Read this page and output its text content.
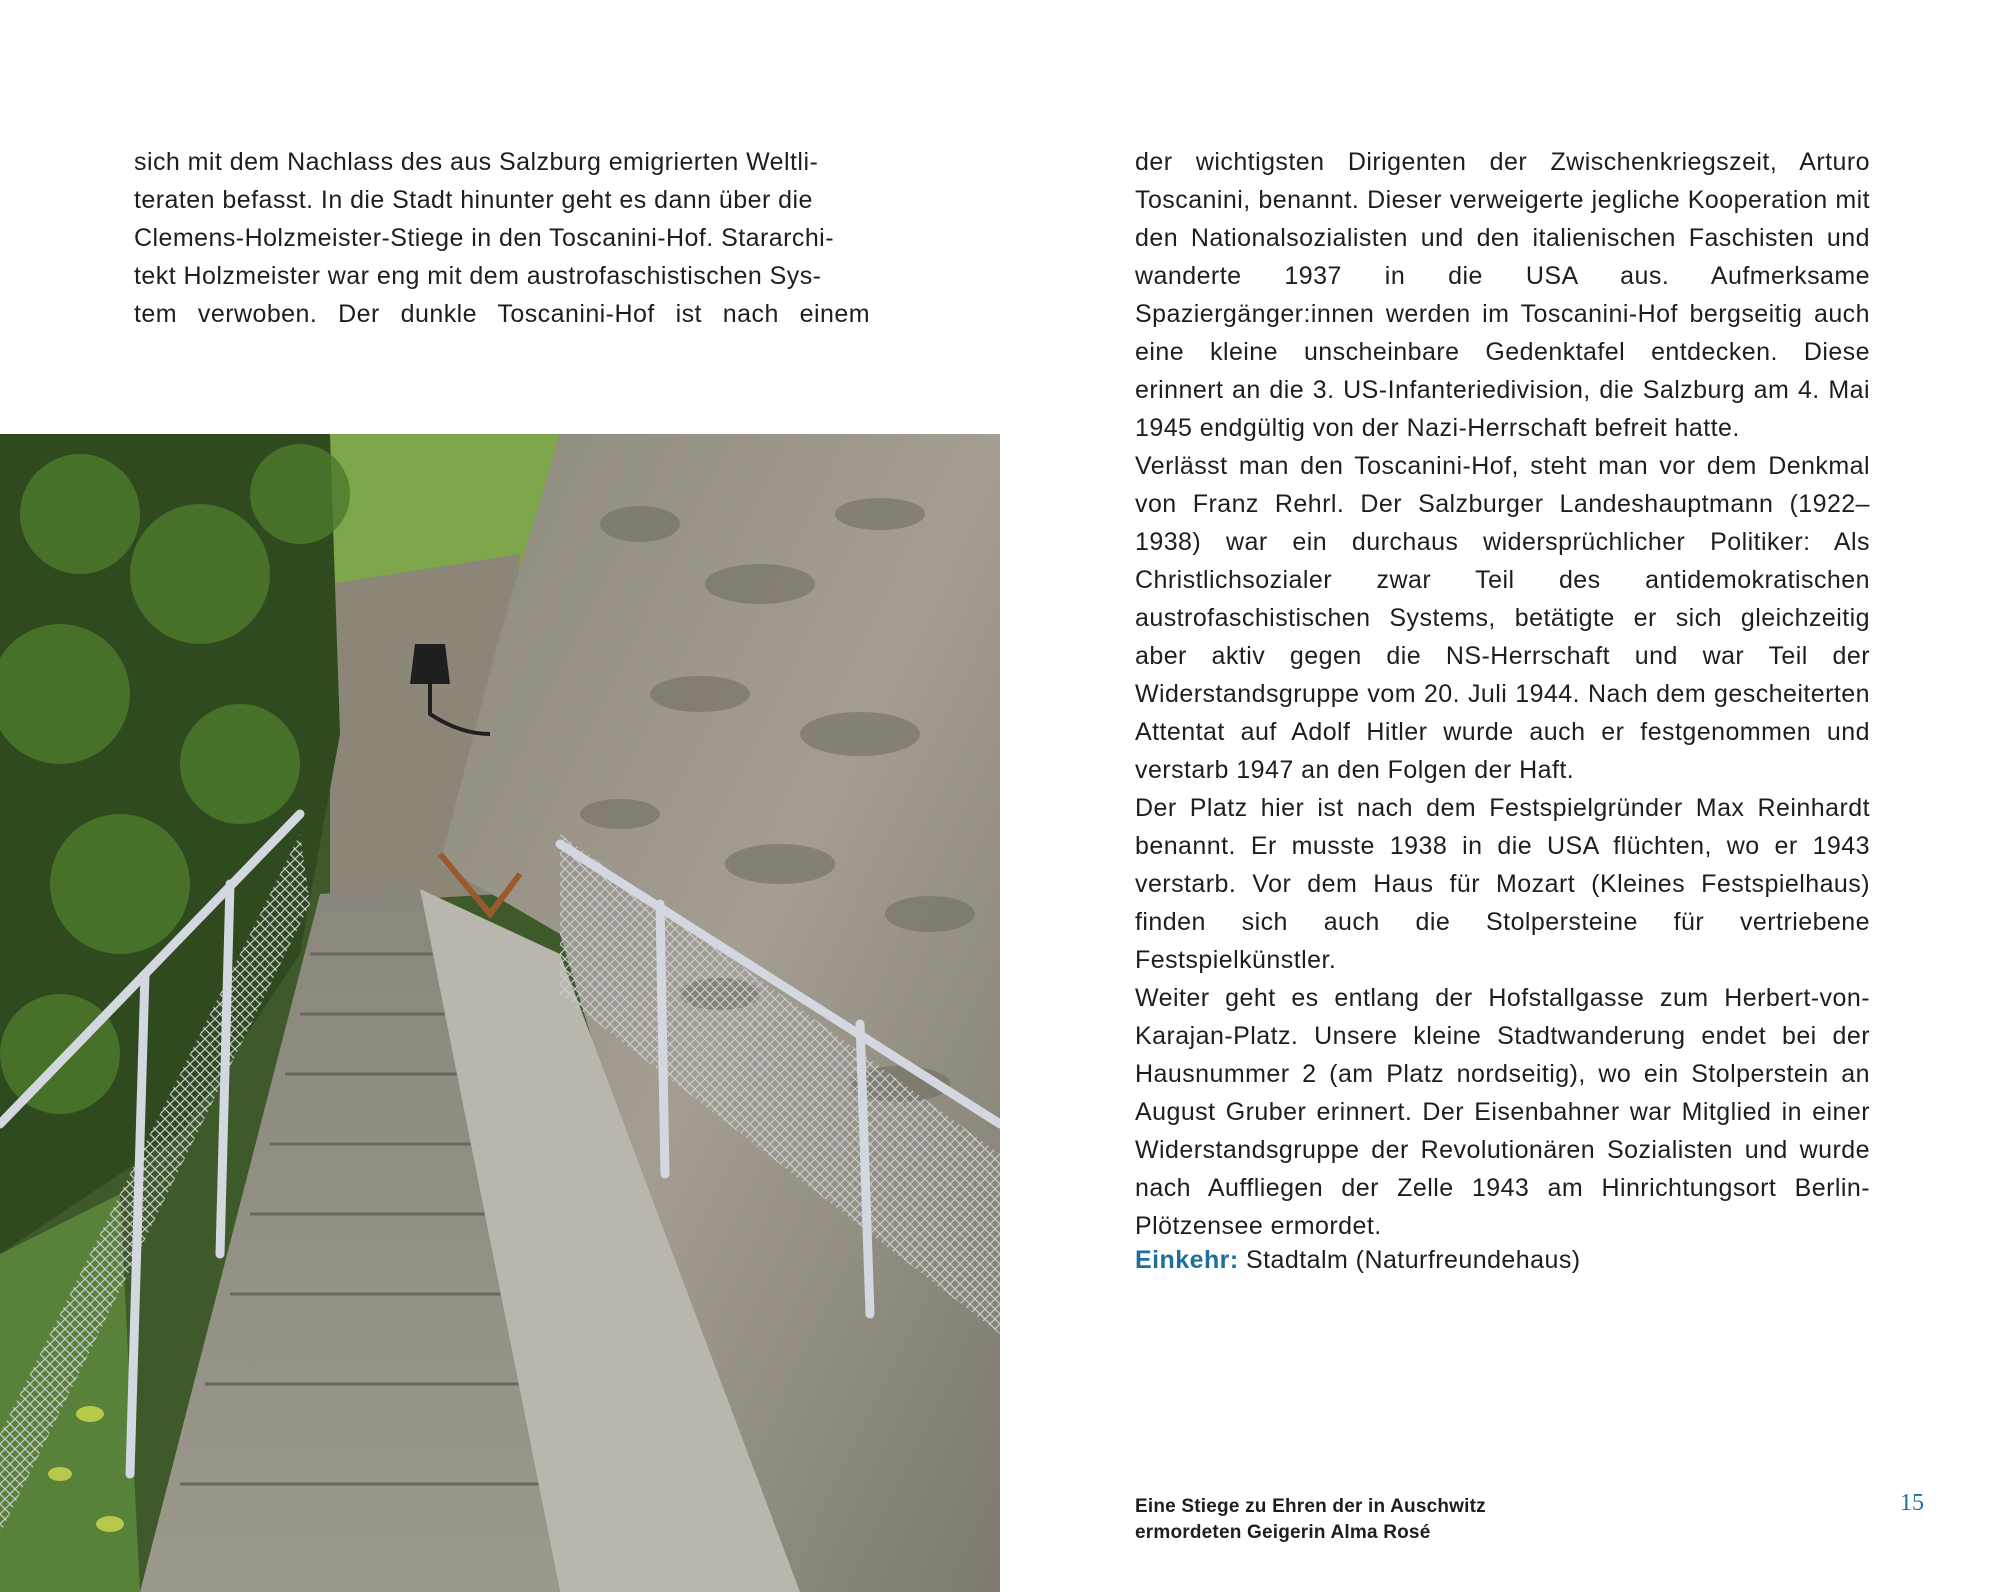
sich mit dem Nachlass des aus Salzburg emigrierten Weltli-

teraten befasst. In die Stadt hinunter geht es dann über die

Clemens-Holzmeister-Stiege in den Toscanini-Hof. Stararchi-

tekt Holzmeister war eng mit dem austrofaschistischen Sys-

tem verwoben. Der dunkle Toscanini-Hof ist nach einem

der wichtigsten Dirigenten der Zwischenkriegszeit, Arturo Toscanini, benannt. Dieser verweigerte jegliche Kooperation mit den Nationalsozialisten und den italienischen Faschisten und wanderte 1937 in die USA aus. Aufmerksame Spaziergänger:innen werden im Toscanini-Hof bergseitig auch eine kleine unscheinbare Gedenktafel entdecken. Diese erinnert an die 3. US-Infanteriedivision, die Salzburg am 4. Mai 1945 endgültig von der Nazi-Herrschaft befreit hatte.

Verlässt man den Toscanini-Hof, steht man vor dem Denkmal von Franz Rehrl. Der Salzburger Landeshauptmann (1922–1938) war ein durchaus widersprüchlicher Politiker: Als Christlichsozialer zwar Teil des antidemokratischen austrofaschistischen Systems, betätigte er sich gleichzeitig aber aktiv gegen die NS-Herrschaft und war Teil der Widerstandsgruppe vom 20. Juli 1944. Nach dem gescheiterten Attentat auf Adolf Hitler wurde auch er festgenommen und verstarb 1947 an den Folgen der Haft.

Der Platz hier ist nach dem Festspielgründer Max Reinhardt benannt. Er musste 1938 in die USA flüchten, wo er 1943 verstarb. Vor dem Haus für Mozart (Kleines Festspielhaus) finden sich auch die Stolpersteine für vertriebene Festspielkünstler.

Weiter geht es entlang der Hofstallgasse zum Herbert-von-Karajan-Platz. Unsere kleine Stadtwanderung endet bei der Hausnummer 2 (am Platz nordseitig), wo ein Stolperstein an August Gruber erinnert. Der Eisenbahner war Mitglied in einer Widerstandsgruppe der Revolutionären Sozialisten und wurde nach Auffliegen der Zelle 1943 am Hinrichtungsort Berlin-Plötzensee ermordet.

Einkehr: Stadtalm (Naturfreundehaus)
Eine Stiege zu Ehren der in Auschwitz
ermordeten Geigerin Alma Rosé
15
